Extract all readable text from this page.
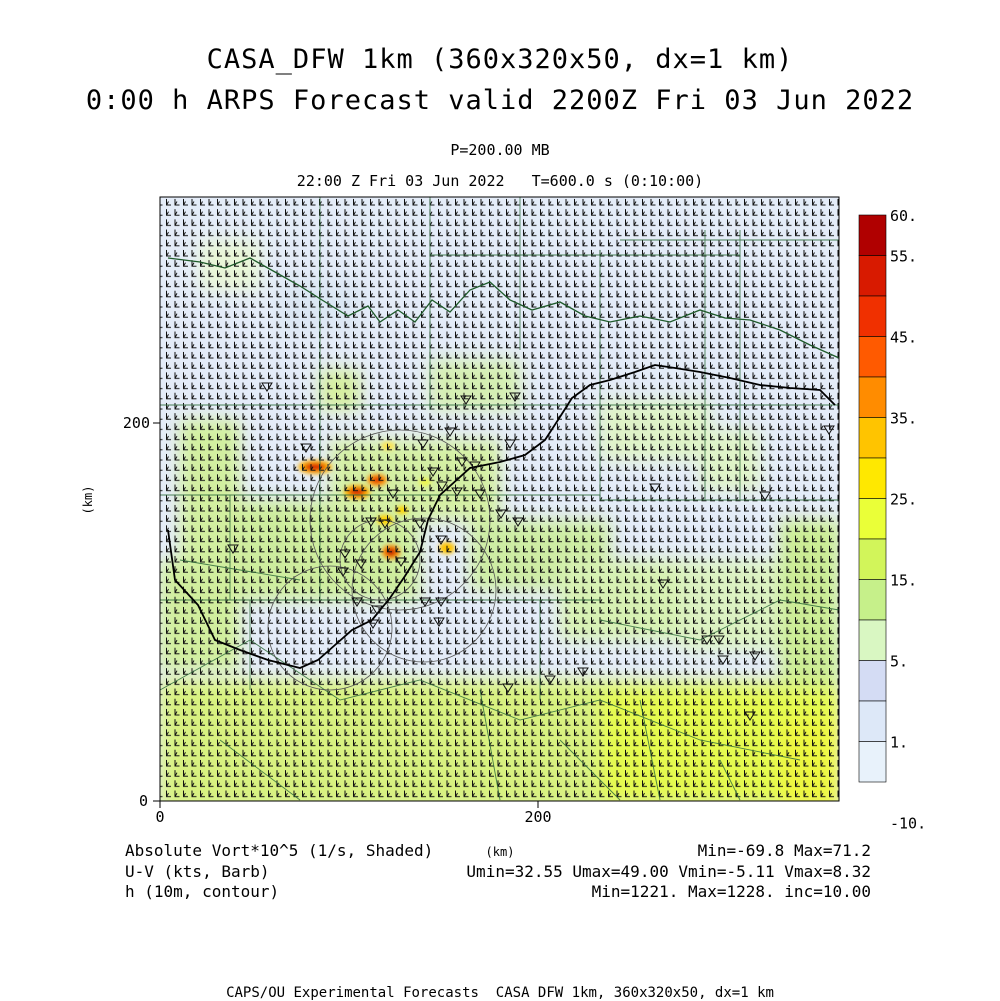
CASA_DFW 1km (360x320x50, dx=1 km)
0:00 h ARPS Forecast valid 2200Z Fri 03 Jun 2022
P=200.00 MB
22:00 Z Fri 03 Jun 2022   T=600.0 s (0:10:00)
0	200
0
200
(km)
(km)
60.
55.
45.
35.
25.
15.
5.
1.
-10.
Absolute Vort*10^5 (1/s, Shaded)
U-V (kts, Barb)
h (10m, contour)
Min=-69.8 Max=71.2
Umin=32.55 Umax=49.00 Vmin=-5.11 Vmax=8.32
Min=1221. Max=1228. inc=10.00
CAPS/OU Experimental Forecasts  CASA DFW 1km, 360x320x50, dx=1 km
